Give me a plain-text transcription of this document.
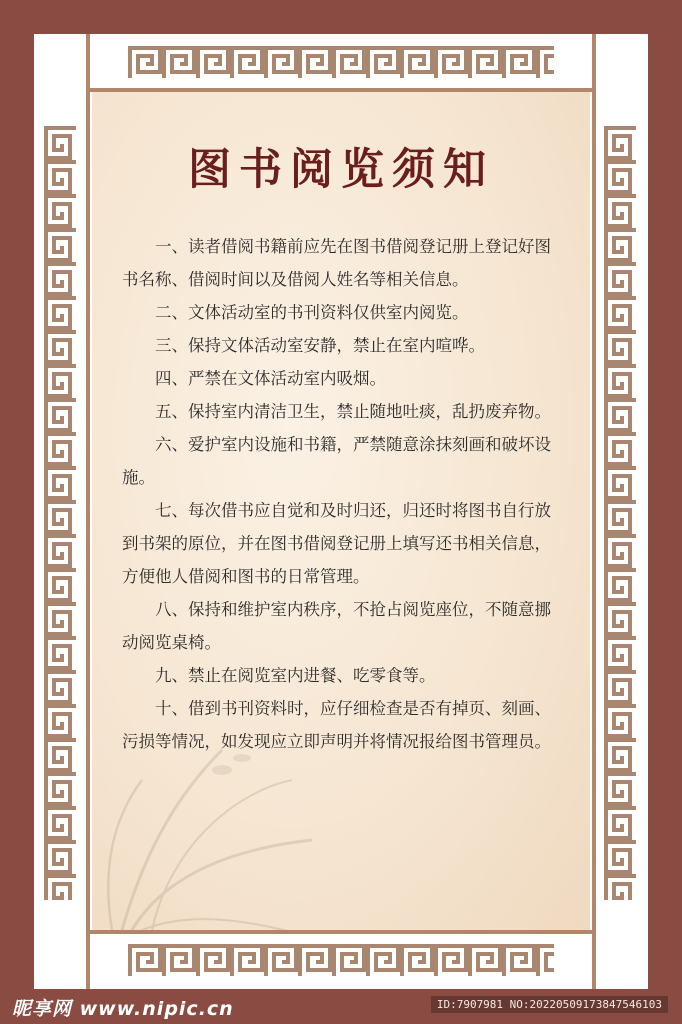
图书阅览须知

一、读者借阅书籍前应先在图书借阅登记册上登记好图书名称、借阅时间以及借阅人姓名等相关信息。

二、文体活动室的书刊资料仅供室内阅览。

三、保持文体活动室安静，禁止在室内喧哗。

四、严禁在文体活动室内吸烟。

五、保持室内清洁卫生，禁止随地吐痰，乱扔废弃物。

六、爱护室内设施和书籍，严禁随意涂抹刻画和破坏设施。

七、每次借书应自觉和及时归还，归还时将图书自行放到书架的原位，并在图书借阅登记册上填写还书相关信息，方便他人借阅和图书的日常管理。

八、保持和维护室内秩序，不抢占阅览座位，不随意挪动阅览桌椅。

九、禁止在阅览室内进餐、吃零食等。

十、借到书刊资料时，应仔细检查是否有掉页、刻画、污损等情况，如发现应立即声明并将情况报给图书管理员。

昵享网 www.nipic.cn	ID:7907981 NO:20220509173847546103
